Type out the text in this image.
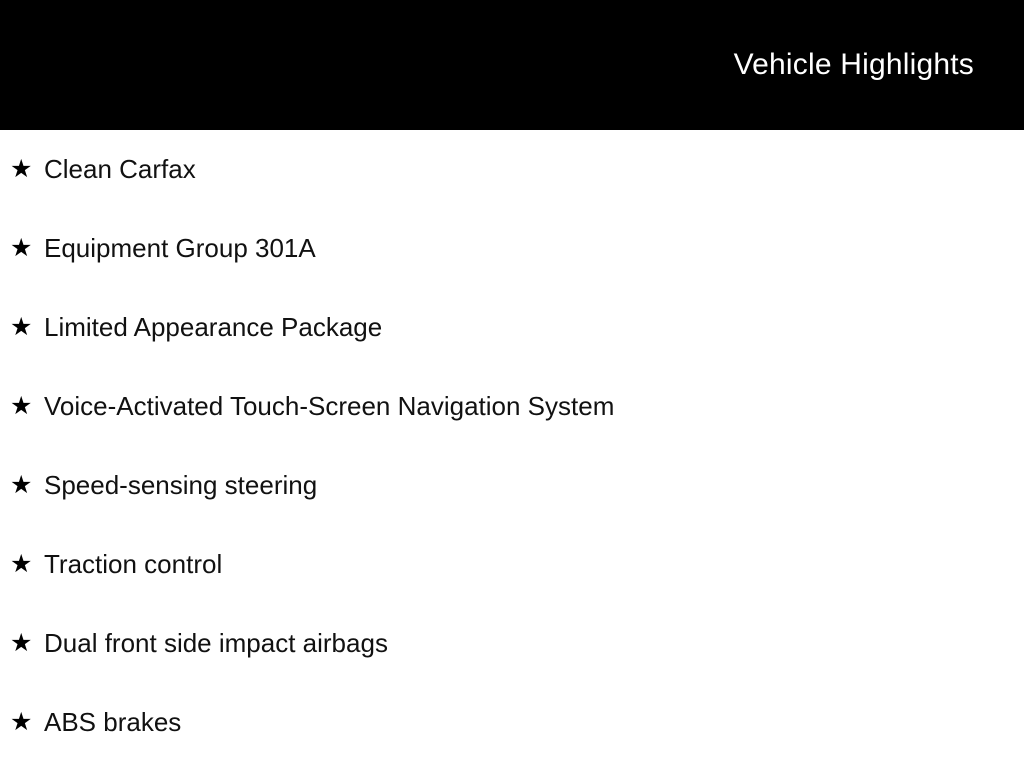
Vehicle Highlights
★ Clean Carfax
★ Equipment Group 301A
★ Limited Appearance Package
★ Voice-Activated Touch-Screen Navigation System
★ Speed-sensing steering
★ Traction control
★ Dual front side impact airbags
★ ABS brakes
